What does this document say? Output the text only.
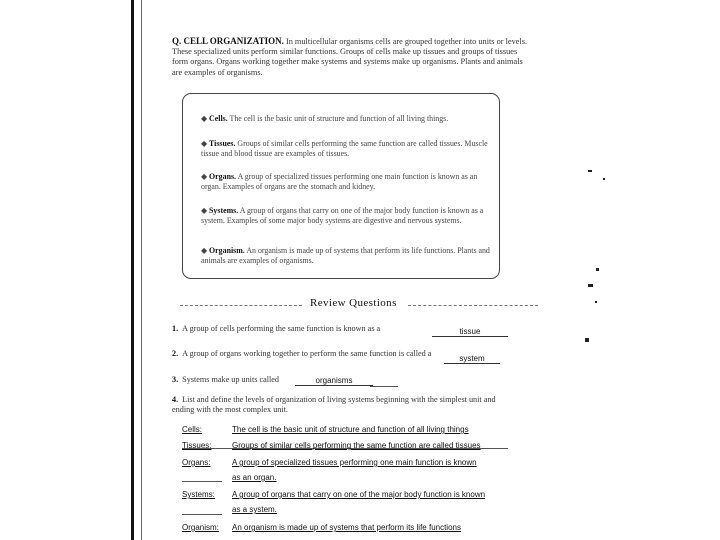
Q. CELL ORGANIZATION. In multicellular organisms cells are grouped together into units or levels. These specialized units perform similar functions. Groups of cells make up tissues and groups of tissues form organs. Organs working together make systems and systems make up organisms. Plants and animals are examples of organisms.
◆ Cells. The cell is the basic unit of structure and function of all living things.
◆ Tissues. Groups of similar cells performing the same function are called tissues. Muscle tissue and blood tissue are examples of tissues.
◆ Organs. A group of specialized tissues performing one main function is known as an organ. Examples of organs are the stomach and kidney.
◆ Systems. A group of organs that carry on one of the major body function is known as a system. Examples of some major body systems are digestive and nervous systems.
◆ Organism. An organism is made up of systems that perform its life functions. Plants and animals are examples of organisms.
Review Questions
1. A group of cells performing the same function is known as a	tissue
2. A group of organs working together to perform the same function is called a
system
3. Systems make up units called	organisms
4. List and define the levels of organization of living systems beginning with the simplest unit and ending with the most complex unit.
Cells:	The cell is the basic unit of structure and function of all living things
Tissues:	Groups of similar cells performing the same function are called tissues
Organs:	A group of specialized tissues performing one main function is known
as an organ.
Systems: A group of organs that carry on one of the major body function is known
as a system.
Organism: An organism is made up of systems that perform its life functions
